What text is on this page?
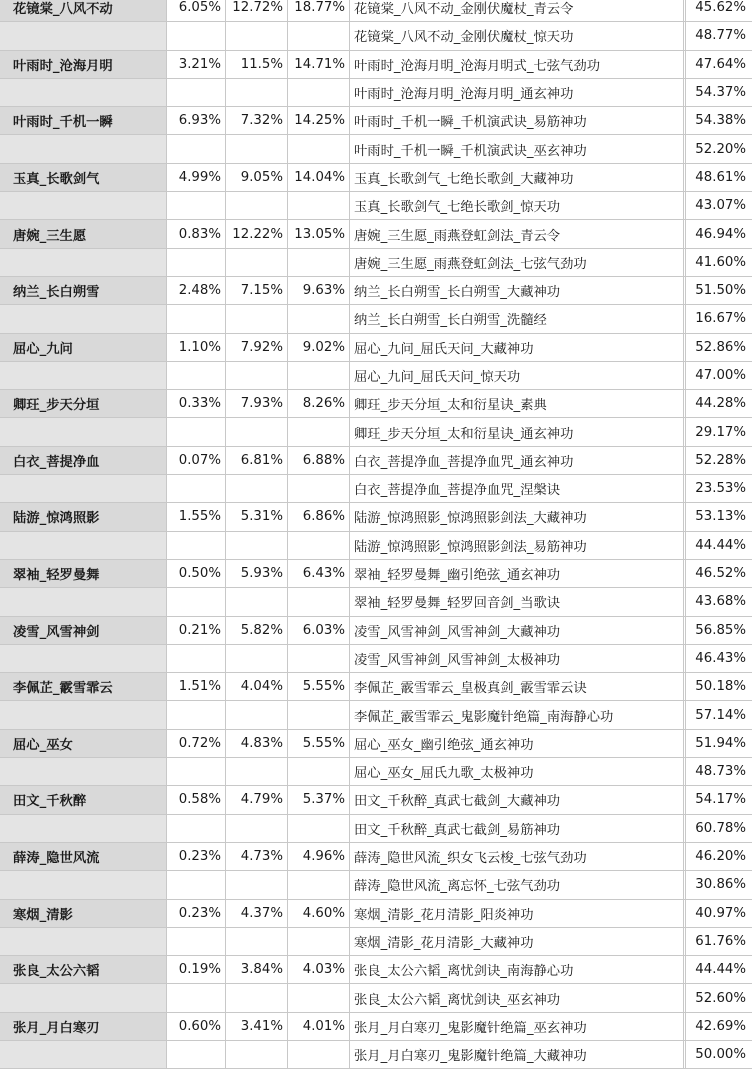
花镜棠_八风不动	6.05%	12.72%	18.77%	花镜棠_八风不动_金刚伏魔杖_青云令		45.62%
				花镜棠_八风不动_金刚伏魔杖_惊天功		48.77%
叶雨时_沧海月明	3.21%	11.5%	14.71%	叶雨时_沧海月明_沧海月明式_七弦气劲功		47.64%
				叶雨时_沧海月明_沧海月明_通玄神功		54.37%
叶雨时_千机一瞬	6.93%	7.32%	14.25%	叶雨时_千机一瞬_千机演武诀_易筋神功		54.38%
				叶雨时_千机一瞬_千机演武诀_巫玄神功		52.20%
玉真_长歌剑气	4.99%	9.05%	14.04%	玉真_长歌剑气_七绝长歌剑_大藏神功		48.61%
				玉真_长歌剑气_七绝长歌剑_惊天功		43.07%
唐婉_三生愿	0.83%	12.22%	13.05%	唐婉_三生愿_雨燕登虹剑法_青云令		46.94%
				唐婉_三生愿_雨燕登虹剑法_七弦气劲功		41.60%
纳兰_长白朔雪	2.48%	7.15%	9.63%	纳兰_长白朔雪_长白朔雪_大藏神功		51.50%
				纳兰_长白朔雪_长白朔雪_洗髓经		16.67%
屈心_九问	1.10%	7.92%	9.02%	屈心_九问_屈氏天问_大藏神功		52.86%
				屈心_九问_屈氏天问_惊天功		47.00%
卿玨_步天分垣	0.33%	7.93%	8.26%	卿玨_步天分垣_太和衍星诀_素典		44.28%
				卿玨_步天分垣_太和衍星诀_通玄神功		29.17%
白衣_菩提净血	0.07%	6.81%	6.88%	白衣_菩提净血_菩提净血咒_通玄神功		52.28%
				白衣_菩提净血_菩提净血咒_涅槃诀		23.53%
陆游_惊鸿照影	1.55%	5.31%	6.86%	陆游_惊鸿照影_惊鸿照影剑法_大藏神功		53.13%
				陆游_惊鸿照影_惊鸿照影剑法_易筋神功		44.44%
翠袖_轻罗曼舞	0.50%	5.93%	6.43%	翠袖_轻罗曼舞_幽引绝弦_通玄神功		46.52%
				翠袖_轻罗曼舞_轻罗回音剑_当歌诀		43.68%
凌雪_风雪神剑	0.21%	5.82%	6.03%	凌雪_风雪神剑_风雪神剑_大藏神功		56.85%
				凌雪_风雪神剑_风雪神剑_太极神功		46.43%
李佩芷_霰雪霏云	1.51%	4.04%	5.55%	李佩芷_霰雪霏云_皇极真剑_霰雪霏云诀		50.18%
				李佩芷_霰雪霏云_鬼影魔针绝篇_南海静心功		57.14%
屈心_巫女	0.72%	4.83%	5.55%	屈心_巫女_幽引绝弦_通玄神功		51.94%
				屈心_巫女_屈氏九歌_太极神功		48.73%
田文_千秋醉	0.58%	4.79%	5.37%	田文_千秋醉_真武七截剑_大藏神功		54.17%
				田文_千秋醉_真武七截剑_易筋神功		60.78%
薛涛_隐世风流	0.23%	4.73%	4.96%	薛涛_隐世风流_织女飞云梭_七弦气劲功		46.20%
				薛涛_隐世风流_离忘怀_七弦气劲功		30.86%
寒烟_清影	0.23%	4.37%	4.60%	寒烟_清影_花月清影_阳炎神功		40.97%
				寒烟_清影_花月清影_大藏神功		61.76%
张良_太公六韬	0.19%	3.84%	4.03%	张良_太公六韬_离忧剑诀_南海静心功		44.44%
				张良_太公六韬_离忧剑诀_巫玄神功		52.60%
张月_月白寒刃	0.60%	3.41%	4.01%	张月_月白寒刃_鬼影魔针绝篇_巫玄神功		42.69%
				张月_月白寒刃_鬼影魔针绝篇_大藏神功		50.00%
